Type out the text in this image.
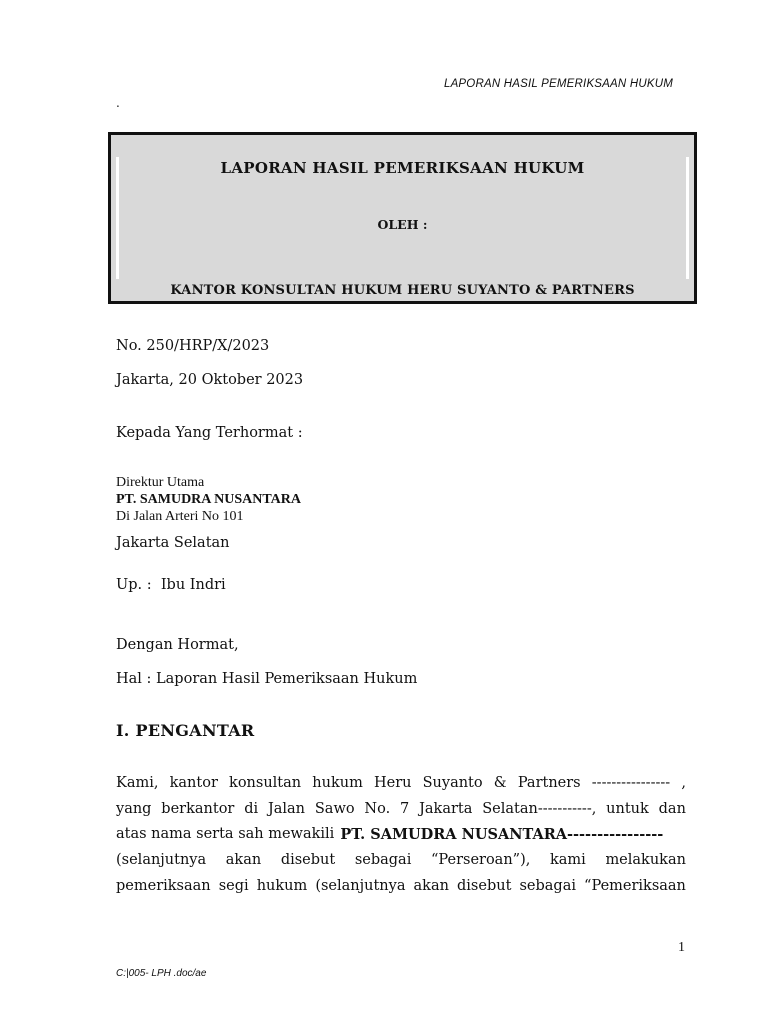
LAPORAN HASIL PEMERIKSAAN HUKUM
.
LAPORAN HASIL PEMERIKSAAN HUKUM
OLEH :
KANTOR KONSULTAN HUKUM HERU SUYANTO & PARTNERS
No. 250/HRP/X/2023
Jakarta, 20 Oktober 2023
Kepada Yang Terhormat :
Direktur Utama
PT. SAMUDRA NUSANTARA
Di Jalan Arteri No 101
Jakarta Selatan
Up. :  Ibu Indri
Dengan Hormat,
Hal : Laporan Hasil Pemeriksaan Hukum
I. PENGANTAR
Kami, kantor konsultan hukum Heru Suyanto & Partners ---------------- ,
yang berkantor di Jalan Sawo No. 7 Jakarta Selatan-----------, untuk dan
atas nama serta sah mewakili PT. SAMUDRA NUSANTARA----------------
(selanjutnya akan disebut sebagai “Perseroan”), kami melakukan
pemeriksaan segi hukum (selanjutnya akan disebut sebagai “Pemeriksaan
1
C:|005- LPH .doc/ae
